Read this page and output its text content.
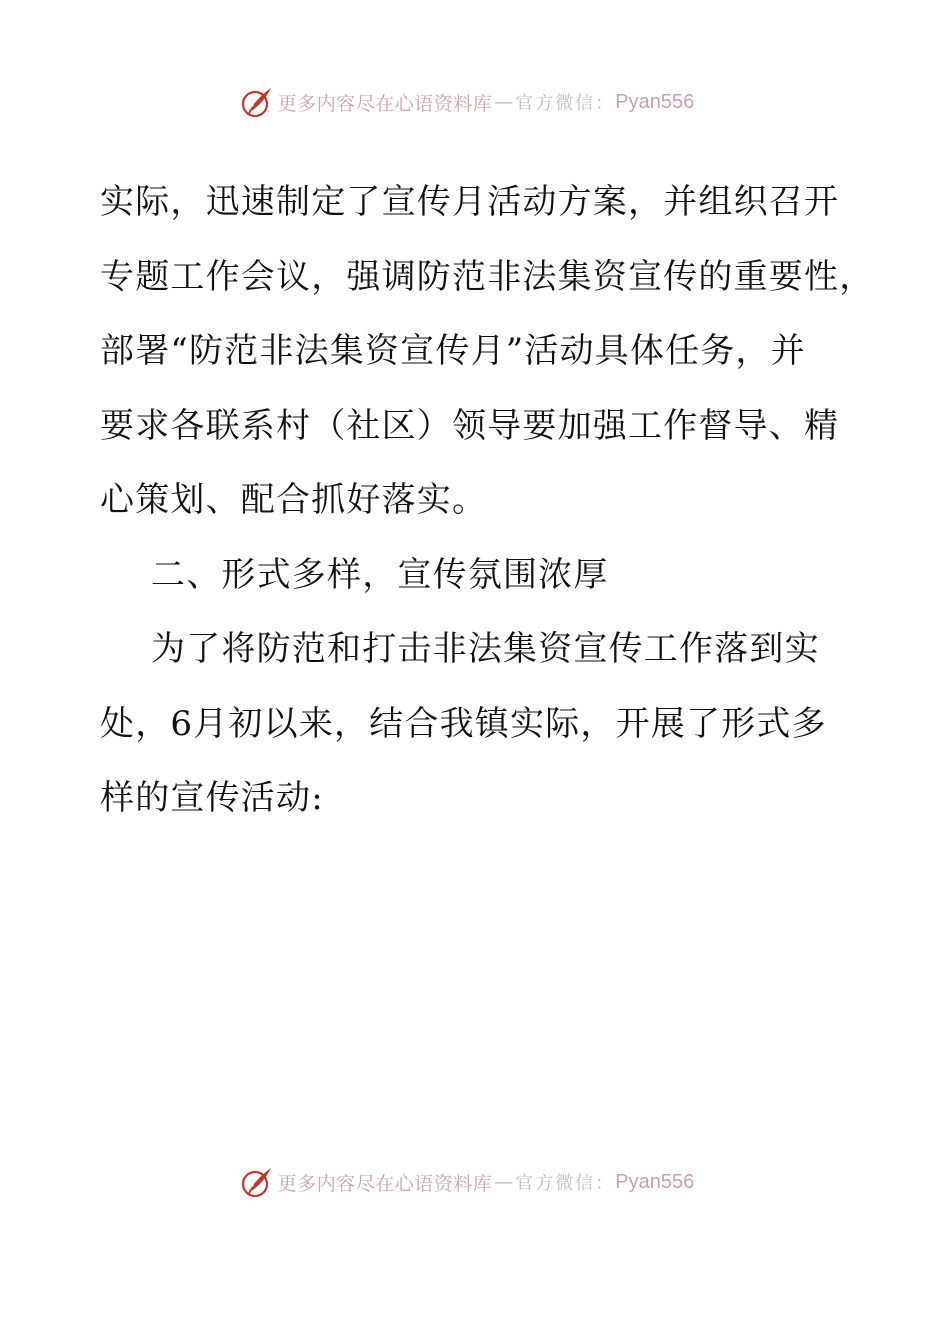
更多内容尽在心语资料库 — 官方微信： Pyan556
实际，迅速制定了宣传月活动方案，并组织召开
专题工作会议，强调防范非法集资宣传的重要性，
部署“防范非法集资宣传月”活动具体任务，并
要求各联系村（社区）领导要加强工作督导、精
心策划、配合抓好落实。
二、形式多样，宣传氛围浓厚
为了将防范和打击非法集资宣传工作落到实
处，6月初以来，结合我镇实际，开展了形式多
样的宣传活动:
更多内容尽在心语资料库 — 官方微信： Pyan556
